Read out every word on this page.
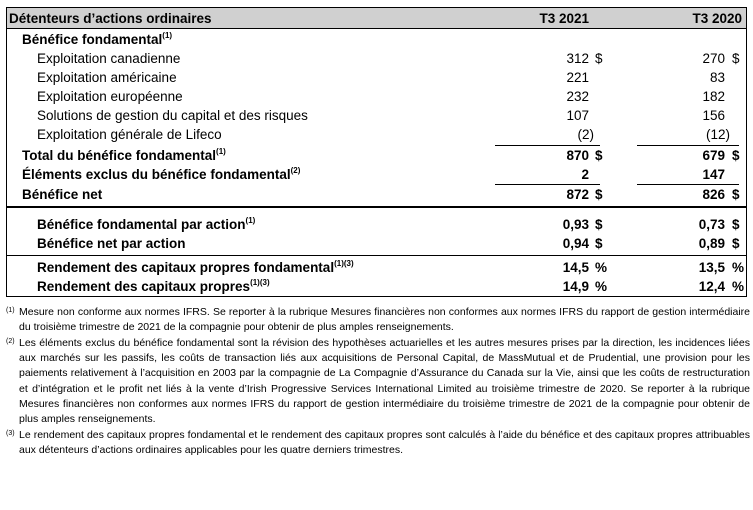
Détenteurs d’actions ordinaires	T3 2021	T3 2020
Bénéfice fondamental$^{(1)}$
Exploitation canadienne	312 $	270 $
Exploitation américaine	221	83
Exploitation européenne	232	182
Solutions de gestion du capital et des risques	107	156
Exploitation générale de Lifeco	(2)	(12)
Total du bénéfice fondamental$^{(1)}$	870 $	679 $
Éléments exclus du bénéfice fondamental$^{(2)}$	2	147
Bénéfice net	872 $	826 $
Bénéfice fondamental par action$^{(1)}$	0,93 $	0,73 $
Bénéfice net par action	0,94 $	0,89 $
Rendement des capitaux propres fondamental$^{(1)(3)}$	14,5 %	13,5 %
Rendement des capitaux propres$^{(1)(3)}$	14,9 %	12,4 %
(1) Mesure non conforme aux normes IFRS. Se reporter à la rubrique Mesures financières non conformes aux normes IFRS du rapport de gestion intermédiaire du troisième trimestre de 2021 de la compagnie pour obtenir de plus amples renseignements.
(2) Les éléments exclus du bénéfice fondamental sont la révision des hypothèses actuarielles et les autres mesures prises par la direction, les incidences liées aux marchés sur les passifs, les coûts de transaction liés aux acquisitions de Personal Capital, de MassMutual et de Prudential, une provision pour les paiements relativement à l’acquisition en 2003 par la compagnie de La Compagnie d’Assurance du Canada sur la Vie, ainsi que les coûts de restructuration et d’intégration et le profit net liés à la vente d’Irish Progressive Services International Limited au troisième trimestre de 2020. Se reporter à la rubrique Mesures financières non conformes aux normes IFRS du rapport de gestion intermédiaire du troisième trimestre de 2021 de la compagnie pour obtenir de plus amples renseignements.
(3) Le rendement des capitaux propres fondamental et le rendement des capitaux propres sont calculés à l’aide du bénéfice et des capitaux propres attribuables aux détenteurs d’actions ordinaires applicables pour les quatre derniers trimestres.
